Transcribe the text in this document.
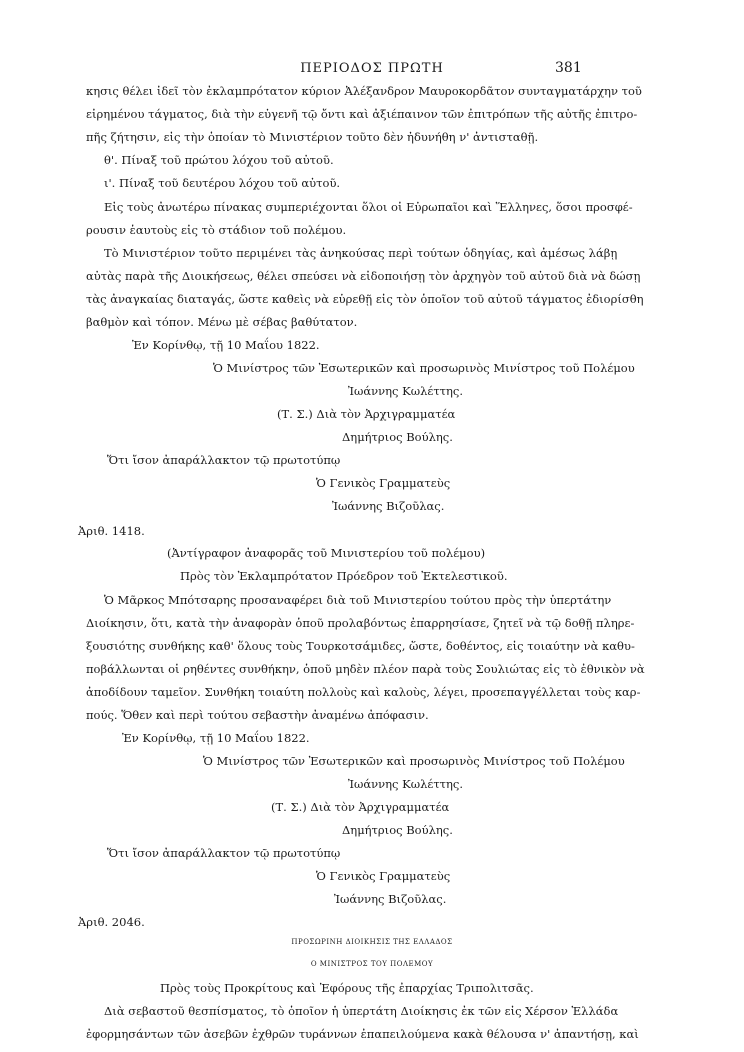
ΠΕΡΙΟΔΟΣ ΠΡΩΤΗ	381
κησις θέλει ἰδεῖ τὸν ἐκλαμπρότατον κύριον Ἀλέξανδρον Μαυροκορδᾶτον συνταγματάρχην τοῦ
εἰρημένου τάγματος, διὰ τὴν εὐγενῆ τῷ ὄντι καὶ ἀξιέπαινον τῶν ἐπιτρόπων τῆς αὐτῆς ἐπιτρο-
πῆς ζήτησιν, εἰς τὴν ὁποίαν τὸ Μινιστέριον τοῦτο δὲν ἠδυνήθη ν' ἀντισταθῇ.
θ'. Πίναξ τοῦ πρώτου λόχου τοῦ αὐτοῦ.
ι'. Πίναξ τοῦ δευτέρου λόχου τοῦ αὐτοῦ.
Εἰς τοὺς ἀνωτέρω πίνακας συμπεριέχονται ὅλοι οἱ Εὐρωπαῖοι καὶ Ἕλληνες, ὅσοι προσφέ-
ρουσιν ἑαυτοὺς εἰς τὸ στάδιον τοῦ πολέμου.
Τὸ Μινιστέριον τοῦτο περιμένει τὰς ἀνηκούσας περὶ τούτων ὁδηγίας, καὶ ἀμέσως λάβῃ
αὐτὰς παρὰ τῆς Διοικήσεως, θέλει σπεύσει νὰ εἰδοποιήσῃ τὸν ἀρχηγὸν τοῦ αὐτοῦ διὰ νὰ δώσῃ
τὰς ἀναγκαίας διαταγάς, ὥστε καθεὶς νὰ εὑρεθῇ εἰς τὸν ὁποῖον τοῦ αὐτοῦ τάγματος ἐδιορίσθη
βαθμὸν καὶ τόπον. Μένω μὲ σέβας βαθύτατον.
Ἐν Κορίνθῳ, τῇ 10 Μαΐου 1822.
Ὁ Μινίστρος τῶν Ἐσωτερικῶν καὶ προσωρινὸς Μινίστρος τοῦ Πολέμου
Ἰωάννης Κωλέττης.
(Τ. Σ.) Διὰ τὸν Ἀρχιγραμματέα
Δημήτριος Βούλης.
Ὅτι ἴσον ἀπαράλλακτον τῷ πρωτοτύπῳ
Ὁ Γενικὸς Γραμματεὺς
Ἰωάννης Βιζοῦλας.
Ἀριθ. 1418.
(Ἀντίγραφον ἀναφορᾶς τοῦ Μινιστερίου τοῦ πολέμου)
Πρὸς τὸν Ἐκλαμπρότατον Πρόεδρον τοῦ Ἐκτελεστικοῦ.
Ὁ Μᾶρκος Μπότσαρης προσαναφέρει διὰ τοῦ Μινιστερίου τούτου πρὸς τὴν ὑπερτάτην
Διοίκησιν, ὅτι, κατὰ τὴν ἀναφορὰν ὁποῦ προλαβόντως ἐπαρρησίασε, ζητεῖ νὰ τῷ δοθῇ πληρε-
ξουσιότης συνθήκης καθ' ὅλους τοὺς Τουρκοτσάμιδες, ὥστε, δοθέντος, εἰς τοιαύτην νὰ καθυ-
ποβάλλωνται οἱ ρηθέντες συνθήκην, ὁποῦ μηδὲν πλέον παρὰ τοὺς Σουλιώτας εἰς τὸ ἐθνικὸν νὰ
ἀποδίδουν ταμεῖον. Συνθήκη τοιαύτη πολλοὺς καὶ καλοὺς, λέγει, προσεπαγγέλλεται τοὺς καρ-
πούς. Ὅθεν καὶ περὶ τούτου σεβαστὴν ἀναμένω ἀπόφασιν.
Ἐν Κορίνθῳ, τῇ 10 Μαΐου 1822.
Ὁ Μινίστρος τῶν Ἐσωτερικῶν καὶ προσωρινὸς Μινίστρος τοῦ Πολέμου
Ἰωάννης Κωλέττης.
(Τ. Σ.) Διὰ τὸν Ἀρχιγραμματέα
Δημήτριος Βούλης.
Ὅτι ἴσον ἀπαράλλακτον τῷ πρωτοτύπῳ
Ὁ Γενικὸς Γραμματεὺς
Ἰωάννης Βιζοῦλας.
Ἀριθ. 2046.
ΠΡΟΣΩΡΙΝΗ ΔΙΟΙΚΗΣΙΣ ΤΗΣ ΕΛΛΑΔΟΣ
Ο ΜΙΝΙΣΤΡΟΣ ΤΟΥ ΠΟΛΕΜΟΥ
Πρὸς τοὺς Προκρίτους καὶ Ἐφόρους τῆς ἐπαρχίας Τριπολιτσᾶς.
Διὰ σεβαστοῦ θεσπίσματος, τὸ ὁποῖον ἡ ὑπερτάτη Διοίκησις ἐκ τῶν εἰς Χέρσον Ἑλλάδα
ἐφορμησάντων τῶν ἀσεβῶν ἐχθρῶν τυράννων ἐπαπειλούμενα κακὰ θέλουσα ν' ἀπαντήσῃ, καὶ
